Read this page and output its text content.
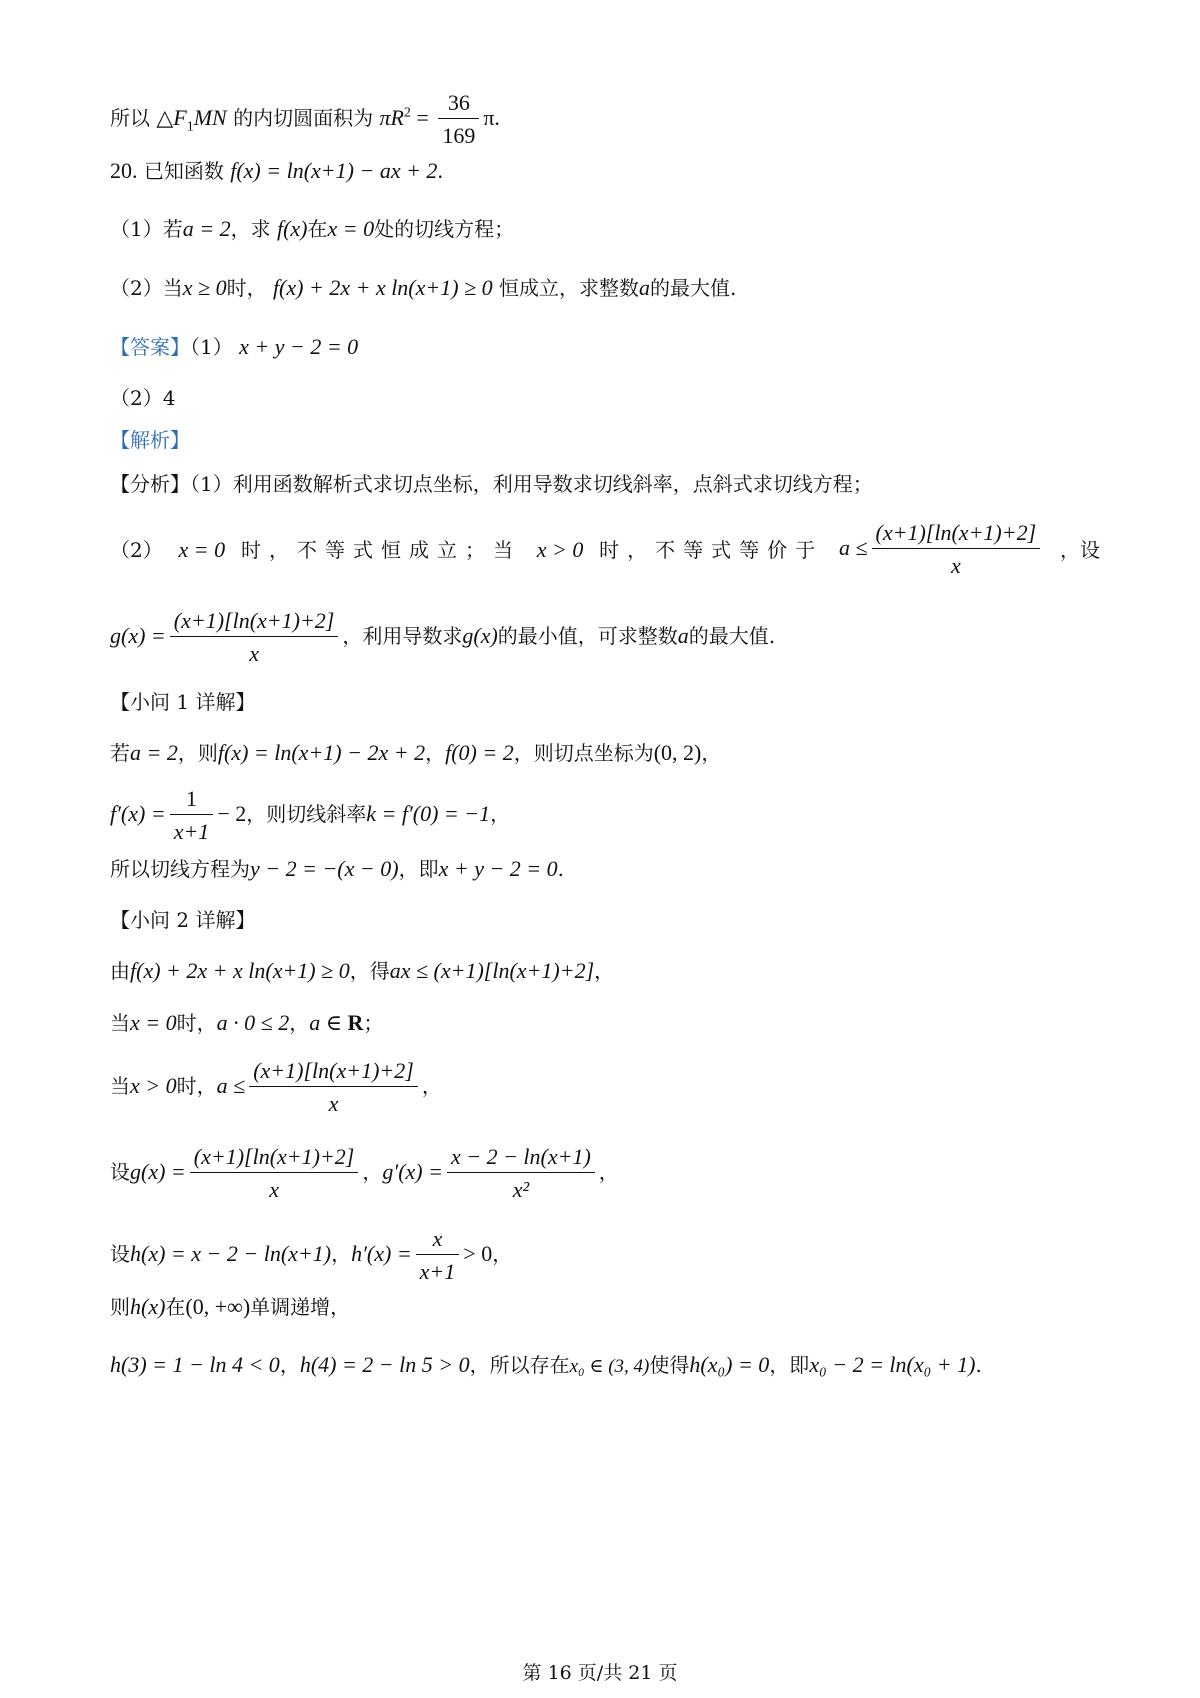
所以 $\triangle F_1MN$ 的内切圆面积为 $\pi R^2 = \frac{36}{169} \pi$.
20. 已知函数 f(x) = ln(x+1) − ax + 2.
（1）若a = 2，求 f(x)在x = 0处的切线方程；
（2）当x ≥ 0时， f(x) + 2x + x ln(x+1) ≥ 0 恒成立，求整数a的最大值.
【答案】（1） x + y − 2 = 0
（2）4
【解析】
【分析】（1）利用函数解析式求切点坐标，利用导数求切线斜率，点斜式求切线方程；
（2） x = 0 时，不等式恒成立；当 x > 0 时，不等式等价于 $a \le \frac{(x+1)[\ln(x+1)+2]}{x}$ ，设
$g(x) = \frac{(x+1)[\ln(x+1)+2]}{x}$ ，利用导数求g(x)的最小值，可求整数a的最大值.
【小问 1 详解】
若a = 2，则f(x) = ln(x+1) − 2x + 2，f(0) = 2，则切点坐标为(0, 2)，
$f'(x) = \frac{1}{x+1} - 2$，则切线斜率k = f′(0) = −1，
所以切线方程为y − 2 = −(x − 0)，即x + y − 2 = 0.
【小问 2 详解】
由f(x) + 2x + x ln(x+1) ≥ 0，得ax ≤ (x+1)[ln(x+1)+2]，
当x = 0时，a · 0 ≤ 2，a ∈ R；
当x > 0时，$a \le \frac{(x+1)[\ln(x+1)+2]}{x}$ ，
设$g(x) = \frac{(x+1)[\ln(x+1)+2]}{x}$ ，$g'(x) = \frac{x - 2 - \ln(x+1)}{\text{x²}}$ ，
设h(x) = x − 2 − ln(x+1)，$h'(x) = \frac{x}{x+1} > 0$，
则h(x)在(0, +∞)单调递增，
h(3) = 1 − ln 4 < 0，h(4) = 2 − ln 5 > 0，所以存在x₀ ∈ (3, 4)使得h(x₀) = 0，即x₀ − 2 = ln(x₀ + 1).
第 16 页/共 21 页
